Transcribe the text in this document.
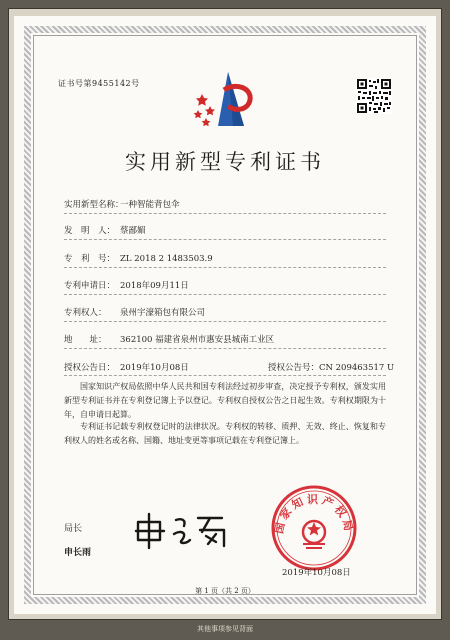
证书号第9455142号
实用新型专利证书
实用新型名称：一种智能背包伞
发　明　人： 蔡鄙媚
专　利　号： ZL 2018 2 1483503.9
专利申请日： 2018年09月11日
专利权人： 泉州宇濠箱包有限公司
地　　址： 362100 福建省泉州市惠安县城南工业区
授权公告日： 2019年10月08日	授权公告号：CN 209463517 U
国家知识产权局依照中华人民共和国专利法经过初步审查，决定授予专利权，颁发实用新型专利证书并在专利登记簿上予以登记。专利权自授权公告之日起生效。专利权期限为十年，自申请日起算。
专利证书记载专利权登记时的法律状况。专利权的转移、质押、无效、终止、恢复和专利权人的姓名或名称、国籍、地址变更等事项记载在专利登记簿上。
局长
申长雨
国家知识产权局
2019年10月08日
第 1 页（共 2 页）
其他事项参见背面
